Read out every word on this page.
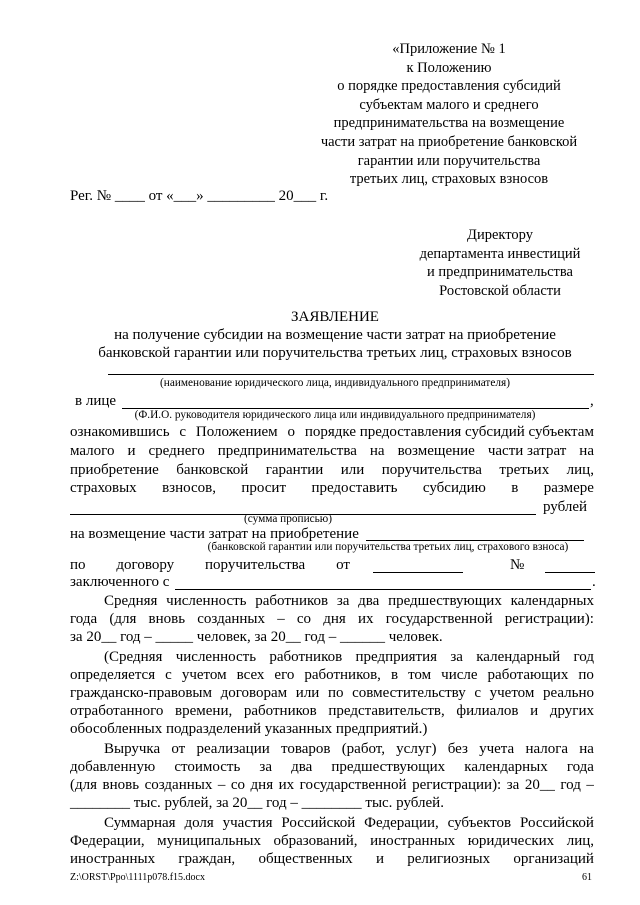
«Приложение № 1
к Положению
о порядке предоставления субсидий
субъектам малого и среднего
предпринимательства на возмещение
части затрат на приобретение банковской
гарантии или поручительства
третьих лиц, страховых взносов
Рег. № ____ от «___» _________ 20___ г.
Директору
департамента инвестиций
и предпринимательства
Ростовской области
ЗАЯВЛЕНИЕ
на получение субсидии на возмещение части затрат на приобретение
банковской гарантии или поручительства третьих лиц, страховых взносов
(наименование юридического лица, индивидуального предпринимателя)
в лице	,
(Ф.И.О. руководителя юридического лица или индивидуального предпринимателя)
ознакомившись с Положением о порядке предоставления субсидий субъектам
малого и среднего предпринимательства на возмещение части затрат на
приобретение банковской гарантии или поручительства третьих лиц,
страховых взносов, просит предоставить субсидию в размере
рублей
(сумма прописью)
на возмещение части затрат на приобретение
(банковской гарантии или поручительства третьих лиц, страхового взноса)
по договору поручительства от	№
заключенного с	.
Средняя численность работников за два предшествующих календарных
года (для вновь созданных – со дня их государственной регистрации):
за 20__ год – _____ человек, за 20__ год – ______ человек.
(Средняя численность работников предприятия за календарный год
определяется с учетом всех его работников, в том числе работающих по
гражданско-правовым договорам или по совместительству с учетом реально
отработанного времени, работников представительств, филиалов и других
обособленных подразделений указанных предприятий.)
Выручка от реализации товаров (работ, услуг) без учета налога на
добавленную стоимость за два предшествующих календарных года
(для вновь созданных – со дня их государственной регистрации): за 20__ год –
________ тыс. рублей, за 20__ год – ________ тыс. рублей.
Суммарная доля участия Российской Федерации, субъектов Российской
Федерации, муниципальных образований, иностранных юридических лиц,
иностранных граждан, общественных и религиозных организаций
Z:\ORST\Ppo\1111p078.f15.docx	61
